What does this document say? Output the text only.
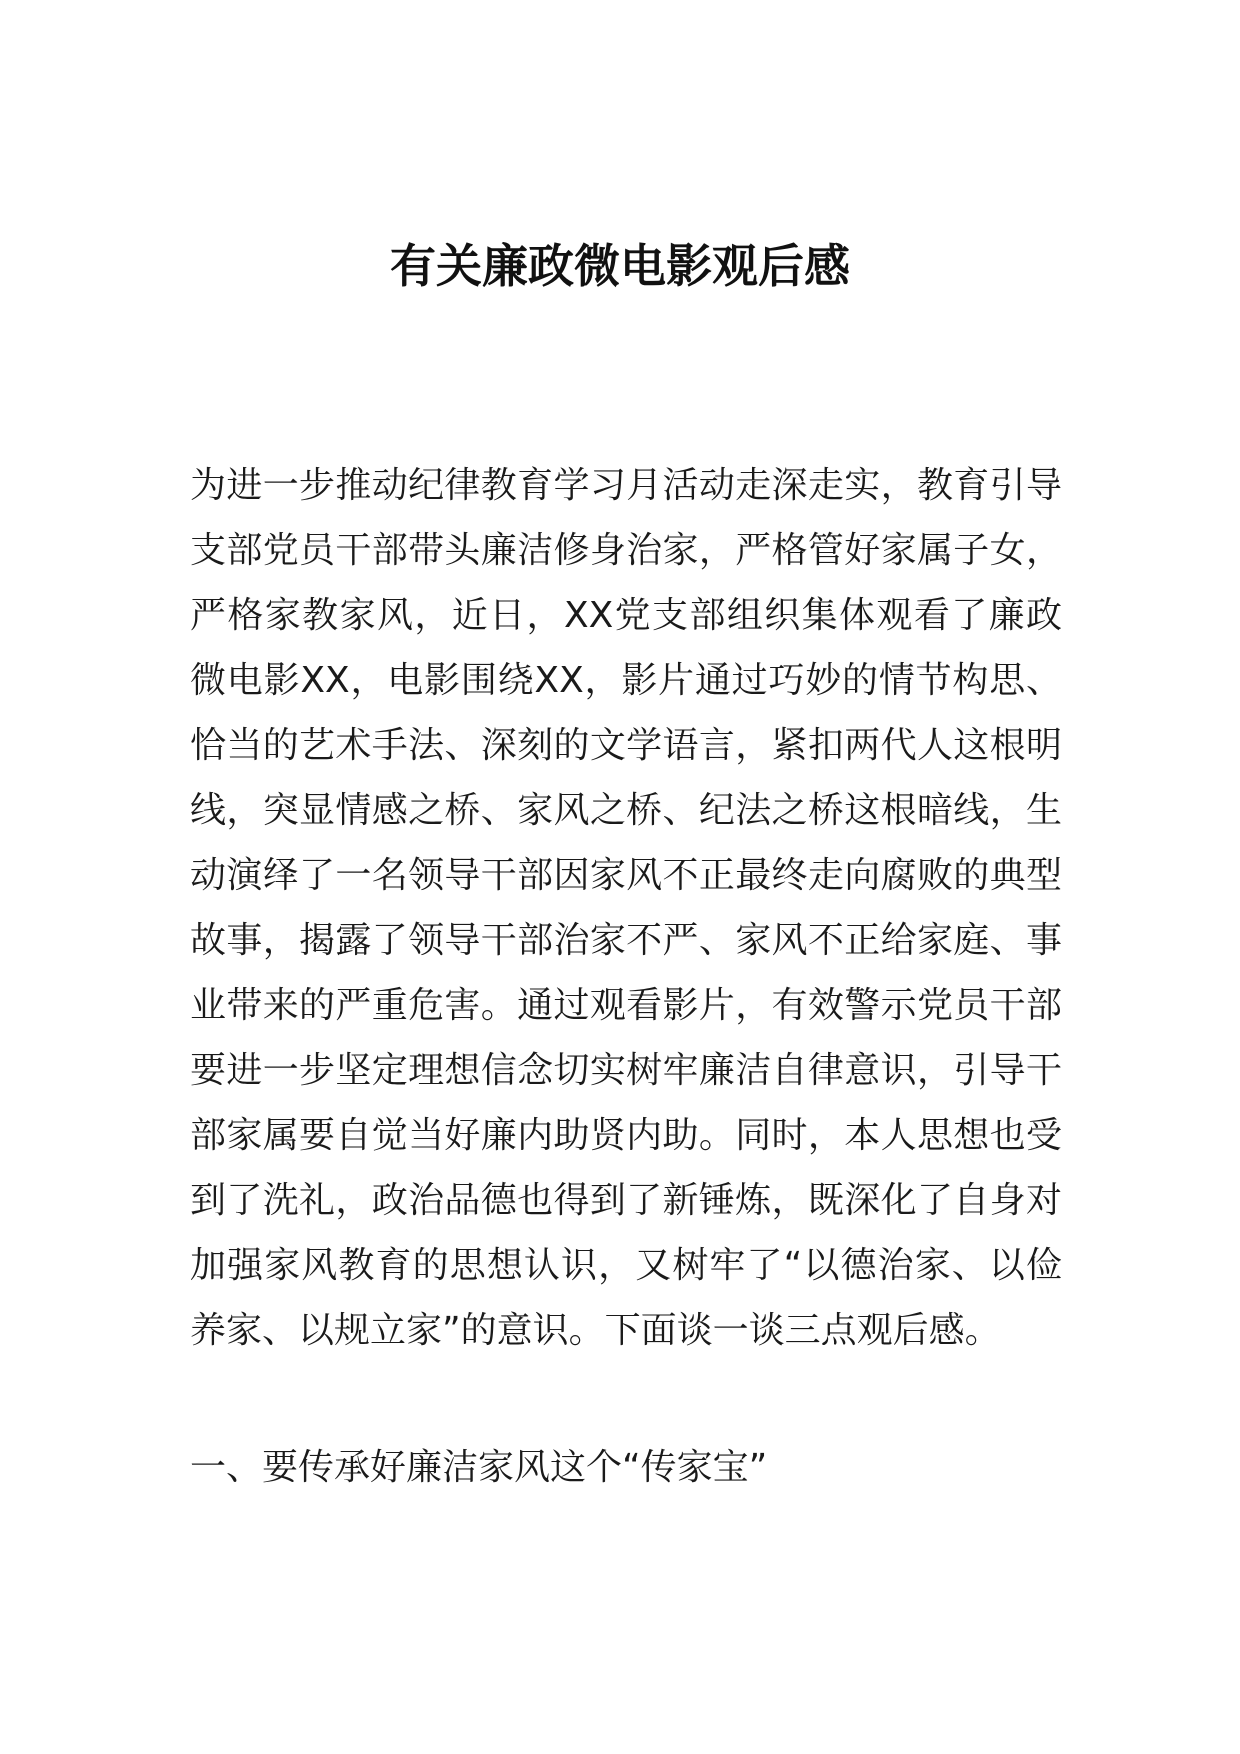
有关廉政微电影观后感

为进一步推动纪律教育学习月活动走深走实，教育引导支部党员干部带头廉洁修身治家，严格管好家属子女，严格家教家风，近日，XX党支部组织集体观看了廉政微电影XX，电影围绕XX，影片通过巧妙的情节构思、恰当的艺术手法、深刻的文学语言，紧扣两代人这根明线，突显情感之桥、家风之桥、纪法之桥这根暗线，生动演绎了一名领导干部因家风不正最终走向腐败的典型故事，揭露了领导干部治家不严、家风不正给家庭、事业带来的严重危害。通过观看影片，有效警示党员干部要进一步坚定理想信念切实树牢廉洁自律意识，引导干部家属要自觉当好廉内助贤内助。同时，本人思想也受到了洗礼，政治品德也得到了新锤炼，既深化了自身对加强家风教育的思想认识，又树牢了“以德治家、以俭养家、以规立家”的意识。下面谈一谈三点观后感。

一、要传承好廉洁家风这个“传家宝”
